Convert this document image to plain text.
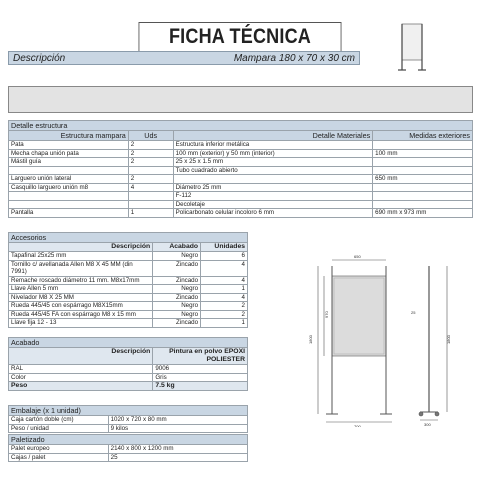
FICHA TÉCNICA
Descripción	Mampara 180 x 70 x 30 cm
Detalle estructura			
Estructura mampara	Uds	Detalle Materiales	Medidas exteriores
Pata	2	Estructura inferior metálica	
Mecha chapa unión pata	2	100 mm (exterior) y 50 mm (interior)	100 mm
Mástil guía	2	25 x 25 x 1.5 mm	
		Tubo cuadrado abierto	
Larguero unión lateral	2		650 mm
Casquillo larguero unión m8	4	Diámetro 25 mm	
		F-112	
		Decoletaje	
Pantalla	1	Policarbonato celular incoloro 6 mm	690 mm x 973 mm
Accesorios		
Descripción	Acabado	Unidades
Tapafinal 25x25 mm	Negro	6
Tornillo c/ avellanada Allen M8 X 45 MM (din 7991)	Zincado	4
Remache roscado diámetro 11 mm. M8x17mm	Zincado	4
Llave Allen 5 mm	Negro	1
Nivelador M8 X 25 MM	Zincado	4
Rueda 445/45 con espárrago M8X15mm	Negro	2
Rueda 445/45 FA con espárrago M8 x 15 mm	Negro	2
Llave fija 12 - 13	Zincado	1
Acabado	
Descripción	Pintura en polvo EPOXI POLIESTER
RAL	9006
Color	Gris
Peso	7.5 kg
Embalaje (x 1 unidad)	
Caja cartón doble (cm)	1020 x 720 x 80 mm
Peso / unidad	9 kilos
Paletizado	
Palet europeo	2140 x 800 x 1200 mm
Cajas / palet	25
650
1800
970
700
1800
300
25
